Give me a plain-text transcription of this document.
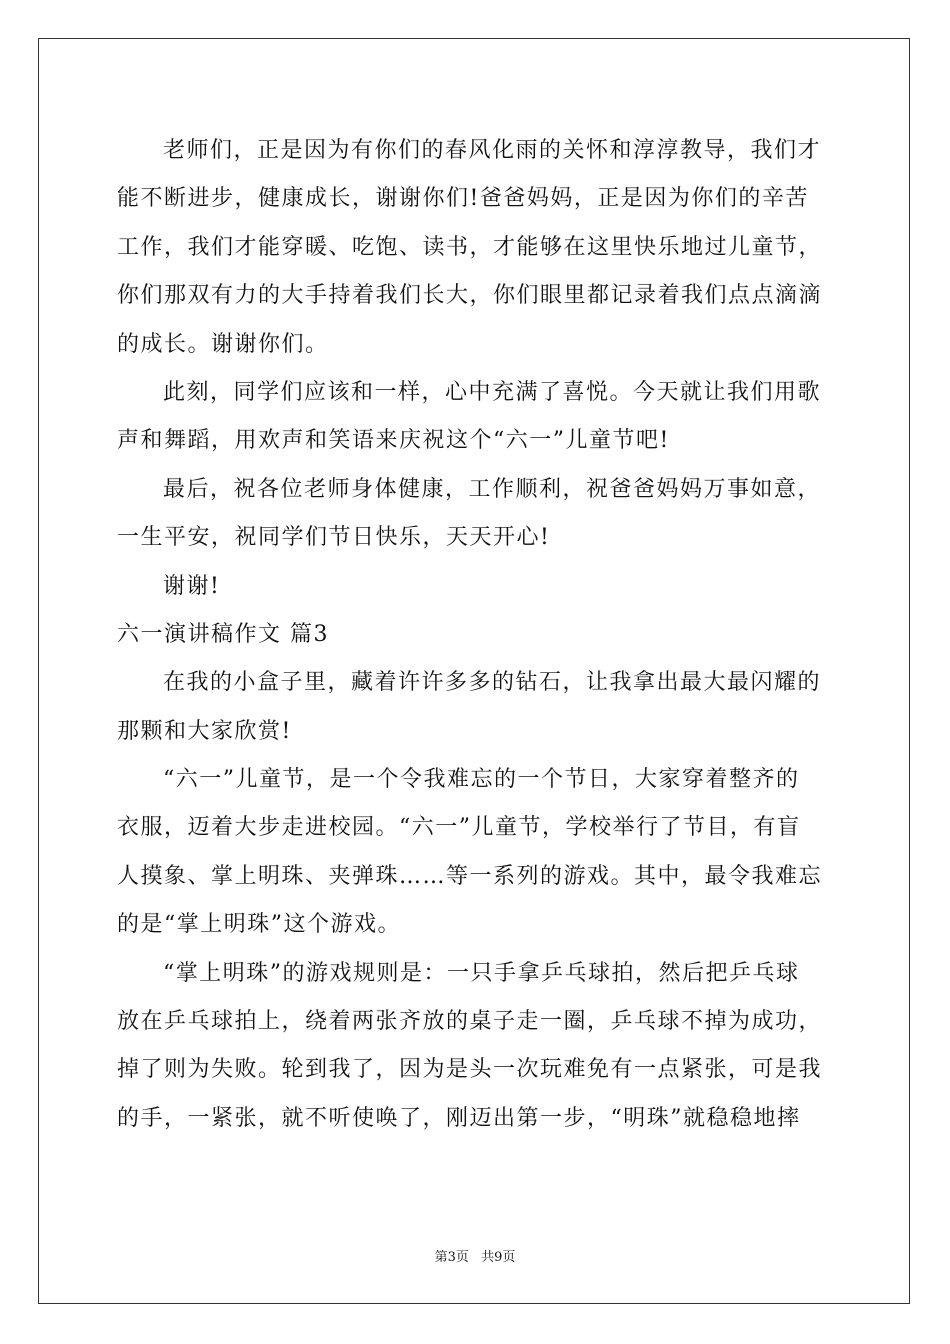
老师们，正是因为有你们的春风化雨的关怀和淳淳教导，我们才
能不断进步，健康成长，谢谢你们!爸爸妈妈，正是因为你们的辛苦
工作，我们才能穿暖、吃饱、读书，才能够在这里快乐地过儿童节，
你们那双有力的大手持着我们长大，你们眼里都记录着我们点点滴滴
的成长。谢谢你们。
此刻，同学们应该和一样，心中充满了喜悦。今天就让我们用歌
声和舞蹈，用欢声和笑语来庆祝这个“六一”儿童节吧!
最后，祝各位老师身体健康，工作顺利，祝爸爸妈妈万事如意，
一生平安，祝同学们节日快乐，天天开心!
谢谢!
六一演讲稿作文 篇3
在我的小盒子里，藏着许许多多的钻石，让我拿出最大最闪耀的
那颗和大家欣赏!
“六一”儿童节，是一个令我难忘的一个节日，大家穿着整齐的
衣服，迈着大步走进校园。“六一”儿童节，学校举行了节目，有盲
人摸象、掌上明珠、夹弹珠……等一系列的游戏。其中，最令我难忘
的是“掌上明珠”这个游戏。
“掌上明珠”的游戏规则是：一只手拿乒乓球拍，然后把乒乓球
放在乒乓球拍上，绕着两张齐放的桌子走一圈，乒乓球不掉为成功，
掉了则为失败。轮到我了，因为是头一次玩难免有一点紧张，可是我
的手，一紧张，就不听使唤了，刚迈出第一步，“明珠”就稳稳地摔
第3页 共9页
